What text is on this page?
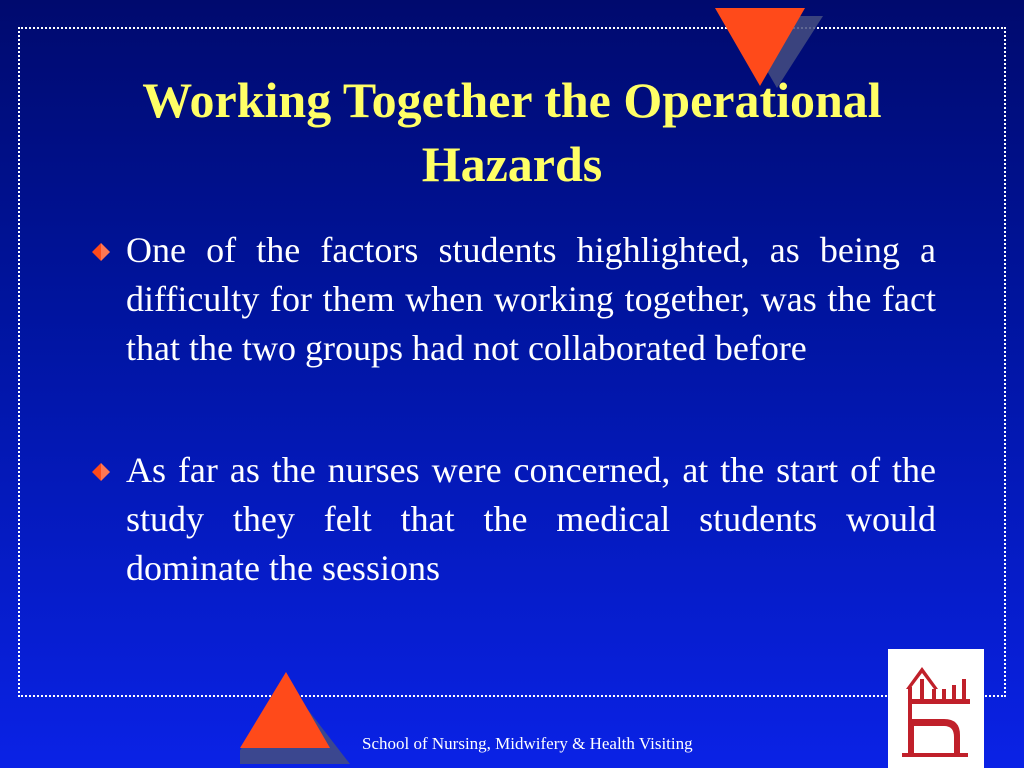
Working Together the Operational Hazards
One of the factors students highlighted, as being a difficulty for them when working together, was the fact that the two groups had not collaborated before
As far as the nurses were concerned, at the start of the study they felt that the medical students would dominate the sessions
School of Nursing, Midwifery & Health Visiting
